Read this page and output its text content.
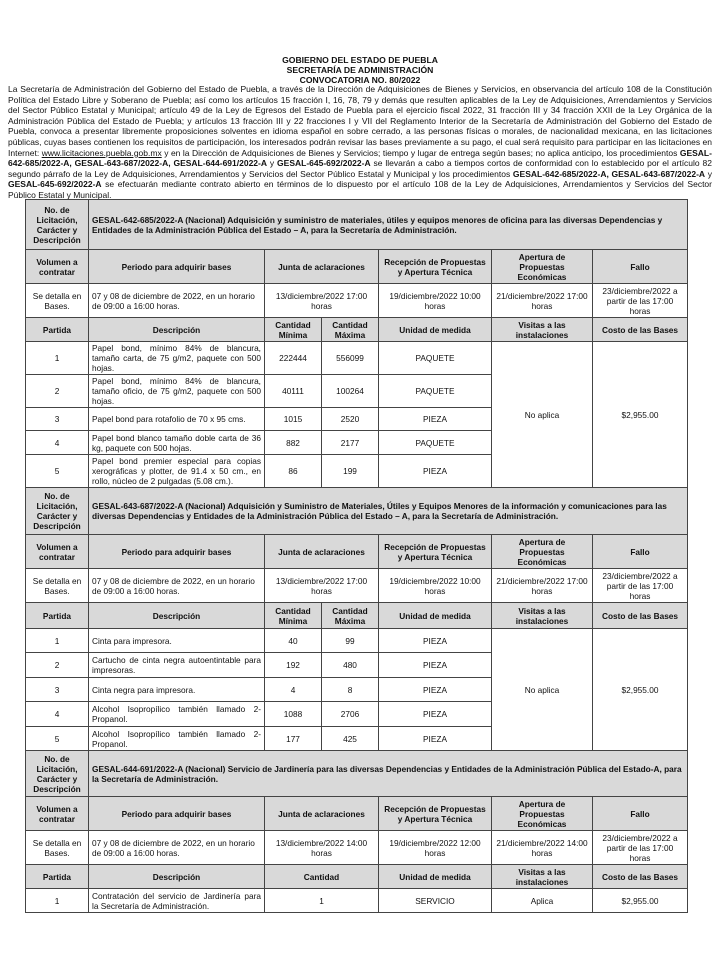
GOBIERNO DEL ESTADO DE PUEBLA
SECRETARÍA DE ADMINISTRACIÓN
CONVOCATORIA NO. 80/2022
La Secretaría de Administración del Gobierno del Estado de Puebla, a través de la Dirección de Adquisiciones de Bienes y Servicios, en observancia del artículo 108 de la Constitución Política del Estado Libre y Soberano de Puebla; así como los artículos 15 fracción I, 16, 78, 79 y demás que resulten aplicables de la Ley de Adquisiciones, Arrendamientos y Servicios del Sector Público Estatal y Municipal; artículo 49 de la Ley de Egresos del Estado de Puebla para el ejercicio fiscal 2022, 31 fracción III y 34 fracción XXII de la Ley Orgánica de la Administración Pública del Estado de Puebla; y artículos 13 fracción III y 22 fracciones I y VII del Reglamento Interior de la Secretaría de Administración del Gobierno del Estado de Puebla, convoca a presentar libremente proposiciones solventes en idioma español en sobre cerrado, a las personas físicas o morales, de nacionalidad mexicana, en las licitaciones públicas, cuyas bases contienen los requisitos de participación, los interesados podrán revisar las bases previamente a su pago, el cual será requisito para participar en las licitaciones en Internet: www.licitaciones.puebla.gob.mx y en la Dirección de Adquisiciones de Bienes y Servicios; tiempo y lugar de entrega según bases; no aplica anticipo, los procedimientos GESAL-642-685/2022-A, GESAL-643-687/2022-A, GESAL-644-691/2022-A y GESAL-645-692/2022-A se llevarán a cabo a tiempos cortos de conformidad con lo establecido por el artículo 82 segundo párrafo de la Ley de Adquisiciones, Arrendamientos y Servicios del Sector Público Estatal y Municipal y los procedimientos GESAL-642-685/2022-A, GESAL-643-687/2022-A y GESAL-645-692/2022-A se efectuarán mediante contrato abierto en términos de lo dispuesto por el artículo 108 de la Ley de Adquisiciones, Arrendamientos y Servicios del Sector Público Estatal y Municipal.
No. de Licitación, Carácter y Descripción	GESAL-642-685/2022-A (Nacional) Adquisición y suministro de materiales, útiles y equipos menores de oficina para las diversas Dependencias y Entidades de la Administración Pública del Estado – A, para la Secretaría de Administración.					
Volumen a contratar	Periodo para adquirir bases	Junta de aclaraciones		Recepción de Propuestas y Apertura Técnica	Apertura de Propuestas Económicas	Fallo
Se detalla en Bases.	07 y 08 de diciembre de 2022, en un horario de 09:00 a 16:00 horas.	13/diciembre/2022 17:00 horas		19/diciembre/2022 10:00 horas	21/diciembre/2022 17:00 horas	23/diciembre/2022 a partir de las 17:00 horas
Partida	Descripción	Cantidad Mínima	Cantidad Máxima	Unidad de medida	Visitas a las instalaciones	Costo de las Bases
1	Papel bond, mínimo 84% de blancura, tamaño carta, de 75 g/m2, paquete con 500 hojas.	222444	556099	PAQUETE	No aplica	$2,955.00
2	Papel bond, mínimo 84% de blancura, tamaño oficio, de 75 g/m2, paquete con 500 hojas.	40111	100264	PAQUETE		
3	Papel bond para rotafolio de 70 x 95 cms.	1015	2520	PIEZA		
4	Papel bond blanco tamaño doble carta de 36 kg, paquete con 500 hojas.	882	2177	PAQUETE		
5	Papel bond premier especial para copias xerográficas y plotter, de 91.4 x 50 cm., en rollo, núcleo de 2 pulgadas (5.08 cm.).	86	199	PIEZA		
No. de Licitación, Carácter y Descripción	GESAL-643-687/2022-A (Nacional) Adquisición y Suministro de Materiales, Útiles y Equipos Menores de la información y comunicaciones para las diversas Dependencias y Entidades de la Administración Pública del Estado – A, para la Secretaría de Administración.					
Volumen a contratar	Periodo para adquirir bases	Junta de aclaraciones		Recepción de Propuestas y Apertura Técnica	Apertura de Propuestas Económicas	Fallo
Se detalla en Bases.	07 y 08 de diciembre de 2022, en un horario de 09:00 a 16:00 horas.	13/diciembre/2022 17:00 horas		19/diciembre/2022 10:00 horas	21/diciembre/2022 17:00 horas	23/diciembre/2022 a partir de las 17:00 horas
Partida	Descripción	Cantidad Mínima	Cantidad Máxima	Unidad de medida	Visitas a las instalaciones	Costo de las Bases
1	Cinta para impresora.	40	99	PIEZA	No aplica	$2,955.00
2	Cartucho de cinta negra autoentintable para impresoras.	192	480	PIEZA		
3	Cinta negra para impresora.	4	8	PIEZA		
4	Alcohol Isopropílico también llamado 2-Propanol.	1088	2706	PIEZA		
5	Alcohol Isopropílico también llamado 2-Propanol.	177	425	PIEZA		
No. de Licitación, Carácter y Descripción	GESAL-644-691/2022-A (Nacional) Servicio de Jardinería para las diversas Dependencias y Entidades de la Administración Pública del Estado-A, para la Secretaría de Administración.					
Volumen a contratar	Periodo para adquirir bases	Junta de aclaraciones		Recepción de Propuestas y Apertura Técnica	Apertura de Propuestas Económicas	Fallo
Se detalla en Bases.	07 y 08 de diciembre de 2022, en un horario de 09:00 a 16:00 horas.	13/diciembre/2022 14:00 horas		19/diciembre/2022 12:00 horas	21/diciembre/2022 14:00 horas	23/diciembre/2022 a partir de las 17:00 horas
Partida	Descripción	Cantidad		Unidad de medida	Visitas a las instalaciones	Costo de las Bases
1	Contratación del servicio de Jardinería para la Secretaría de Administración.	1		SERVICIO	Aplica	$2,955.00
